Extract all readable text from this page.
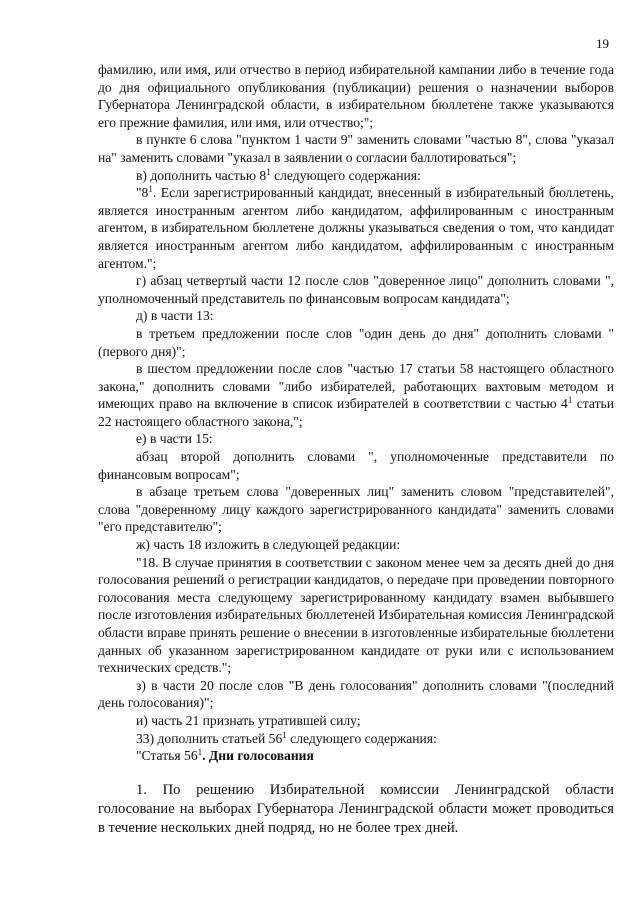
19

фамилию, или имя, или отчество в период избирательной кампании либо в течение года до дня официального опубликования (публикации) решения о назначении выборов Губернатора Ленинградской области, в избирательном бюллетене также указываются его прежние фамилия, или имя, или отчество;";

в пункте 6 слова "пунктом 1 части 9" заменить словами "частью 8", слова "указал на" заменить словами "указал в заявлении о согласии баллотироваться";

в) дополнить частью $8^1$ следующего содержания:

"$8^1$. Если зарегистрированный кандидат, внесенный в избирательный бюллетень, является иностранным агентом либо кандидатом, аффилированным с иностранным агентом, в избирательном бюллетене должны указываться сведения о том, что кандидат является иностранным агентом либо кандидатом, аффилированным с иностранным агентом.";

г) абзац четвертый части 12 после слов "доверенное лицо" дополнить словами ", уполномоченный представитель по финансовым вопросам кандидата";

д) в части 13:

в третьем предложении после слов "один день до дня" дополнить словами "(первого дня)";

в шестом предложении после слов "частью 17 статьи 58 настоящего областного закона," дополнить словами "либо избирателей, работающих вахтовым методом и имеющих право на включение в список избирателей в соответствии с частью $4^1$ статьи 22 настоящего областного закона,";

е) в части 15:

абзац второй дополнить словами ", уполномоченные представители по финансовым вопросам";

в абзаце третьем слова "доверенных лиц" заменить словом "представителей", слова "доверенному лицу каждого зарегистрированного кандидата" заменить словами "его представителю";

ж) часть 18 изложить в следующей редакции:

"18. В случае принятия в соответствии с законом менее чем за десять дней до дня голосования решений о регистрации кандидатов, о передаче при проведении повторного голосования места следующему зарегистрированному кандидату взамен выбывшего после изготовления избирательных бюллетеней Избирательная комиссия Ленинградской области вправе принять решение о внесении в изготовленные избирательные бюллетени данных об указанном зарегистрированном кандидате от руки или с использованием технических средств.";

з) в части 20 после слов "В день голосования" дополнить словами "(последний день голосования)";

и) часть 21 признать утратившей силу;

33) дополнить статьей $56^1$ следующего содержания:

"Статья $56^1$. Дни голосования

1. По решению Избирательной комиссии Ленинградской области голосование на выборах Губернатора Ленинградской области может проводиться в течение нескольких дней подряд, но не более трех дней.
